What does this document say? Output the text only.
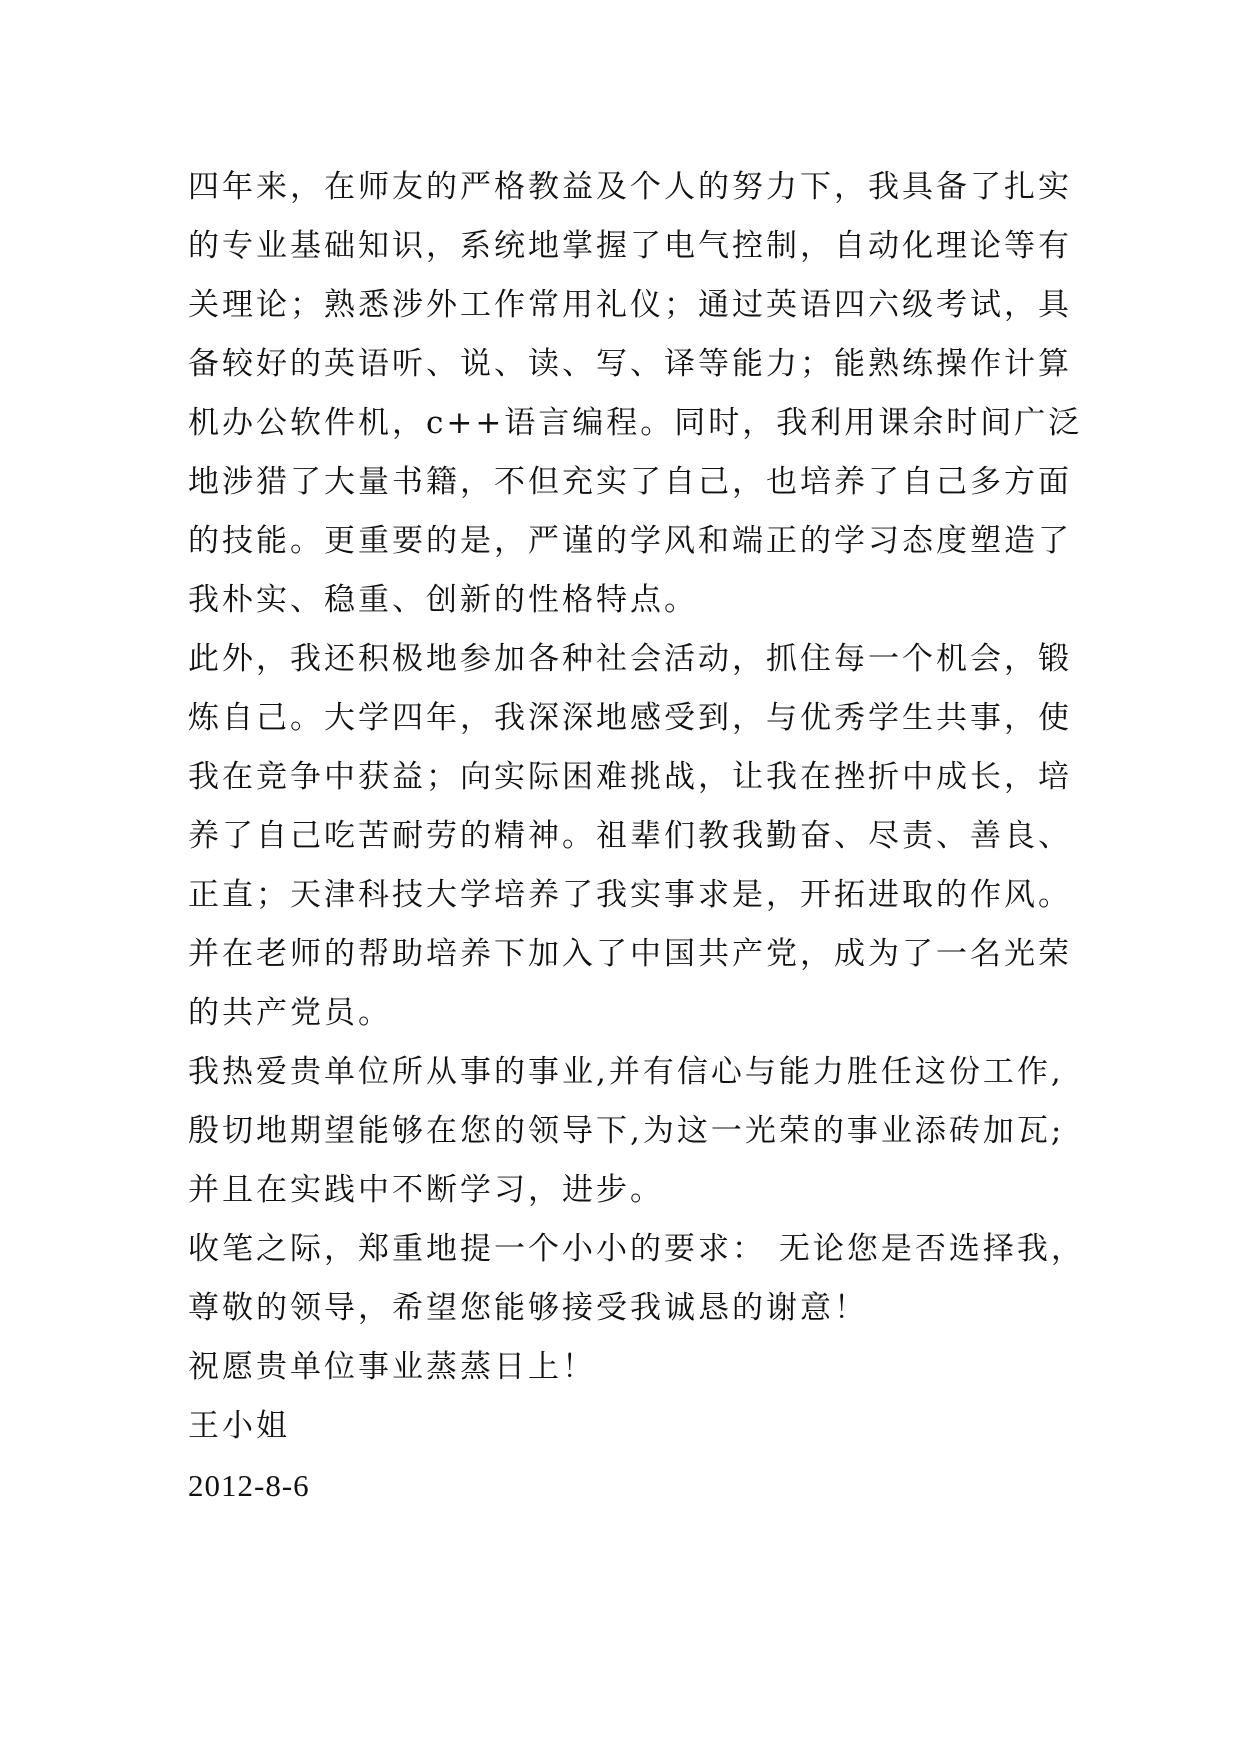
四年来，在师友的严格教益及个人的努力下，我具备了扎实
的专业基础知识，系统地掌握了电气控制，自动化理论等有
关理论；熟悉涉外工作常用礼仪；通过英语四六级考试，具
备较好的英语听、说、读、写、译等能力；能熟练操作计算
机办公软件机，c++语言编程。同时，我利用课余时间广泛
地涉猎了大量书籍，不但充实了自己，也培养了自己多方面
的技能。更重要的是，严谨的学风和端正的学习态度塑造了
我朴实、稳重、创新的性格特点。
此外，我还积极地参加各种社会活动，抓住每一个机会，锻
炼自己。大学四年，我深深地感受到，与优秀学生共事，使
我在竞争中获益；向实际困难挑战，让我在挫折中成长，培
养了自己吃苦耐劳的精神。祖辈们教我勤奋、尽责、善良、
正直；天津科技大学培养了我实事求是，开拓进取的作风。
并在老师的帮助培养下加入了中国共产党，成为了一名光荣
的共产党员。
我热爱贵单位所从事的事业,并有信心与能力胜任这份工作,
殷切地期望能够在您的领导下,为这一光荣的事业添砖加瓦;
并且在实践中不断学习，进步。
收笔之际，郑重地提一个小小的要求： 无论您是否选择我，
尊敬的领导，希望您能够接受我诚恳的谢意！
祝愿贵单位事业蒸蒸日上！
王小姐
2012-8-6
